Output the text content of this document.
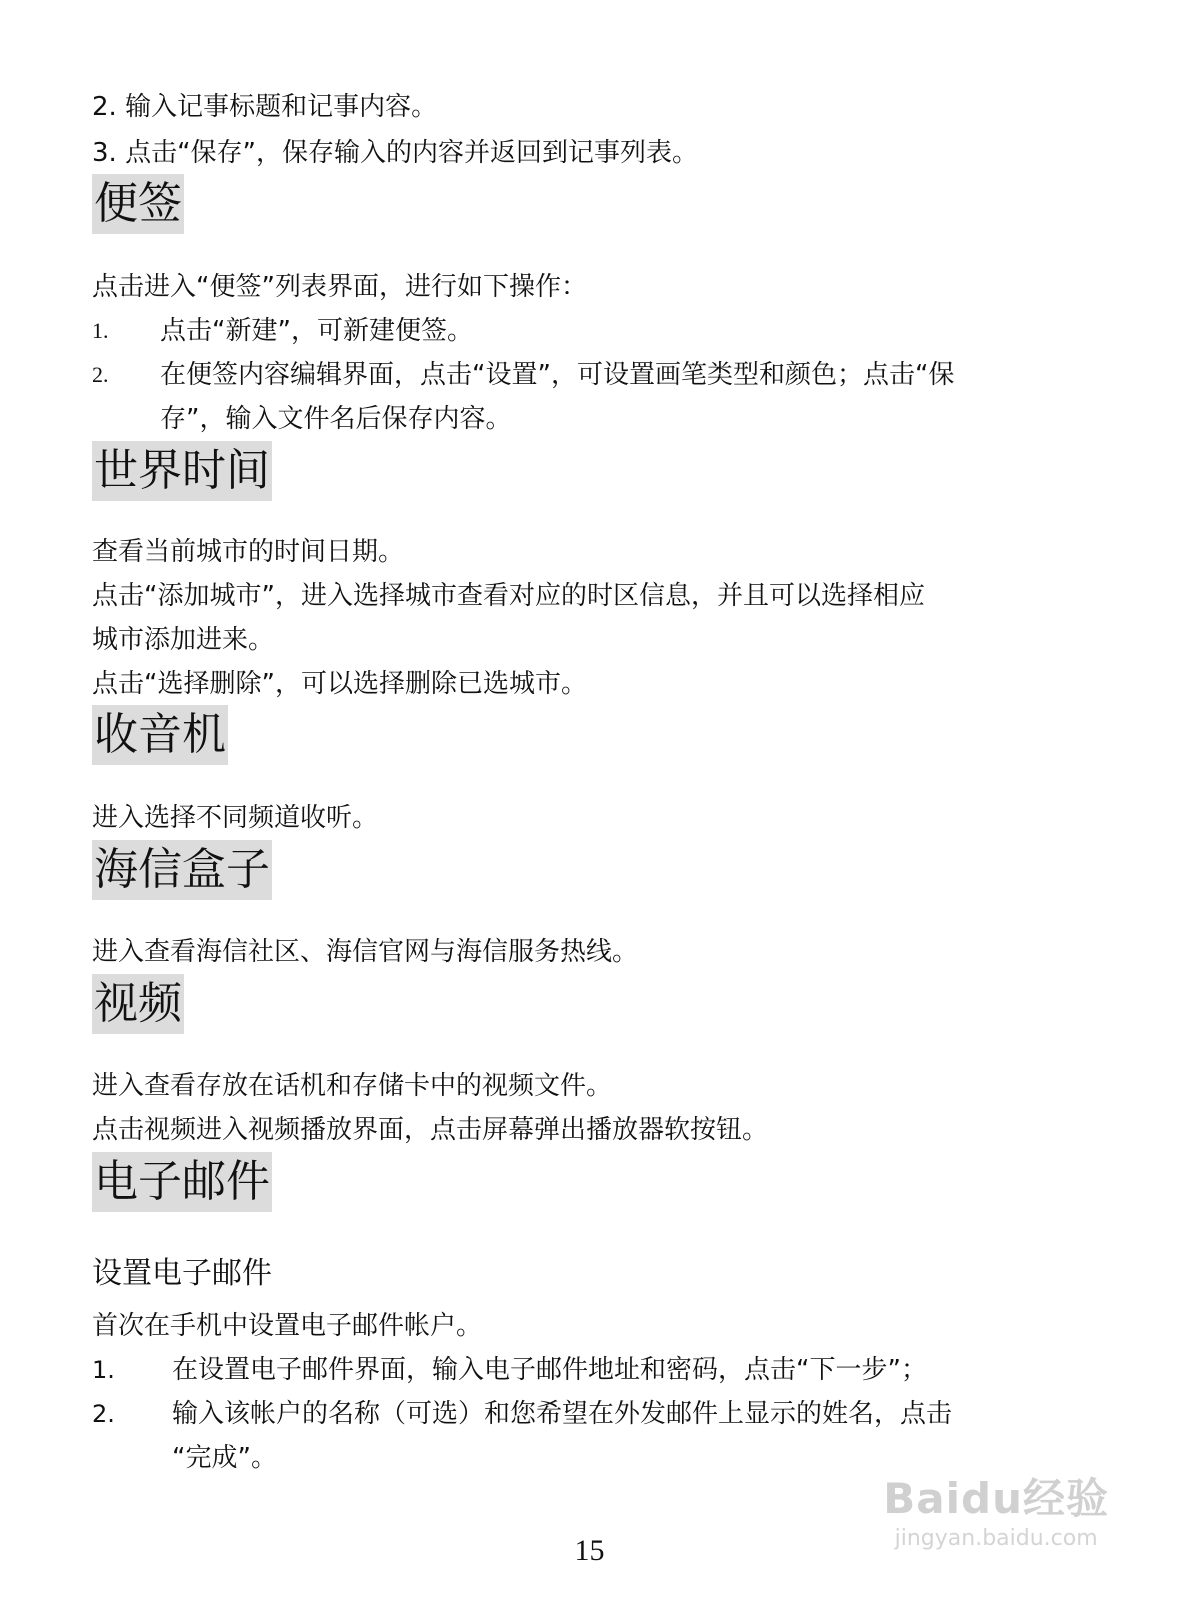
2. 输入记事标题和记事内容。

3. 点击“保存”，保存输入的内容并返回到记事列表。

便签

点击进入“便签”列表界面，进行如下操作：

1. 点击“新建”，可新建便签。
2. 在便签内容编辑界面，点击“设置”，可设置画笔类型和颜色；点击“保
存”，输入文件名后保存内容。
世界时间

查看当前城市的时间日期。

点击“添加城市”，进入选择城市查看对应的时区信息，并且可以选择相应

城市添加进来。

点击“选择删除”，可以选择删除已选城市。

收音机

进入选择不同频道收听。

海信盒子

进入查看海信社区、海信官网与海信服务热线。

视频

进入查看存放在话机和存储卡中的视频文件。

点击视频进入视频播放界面，点击屏幕弹出播放器软按钮。

电子邮件
设置电子邮件

首次在手机中设置电子邮件帐户。

1. 在设置电子邮件界面，输入电子邮件地址和密码，点击“下一步”；
2. 输入该帐户的名称（可选）和您希望在外发邮件上显示的姓名，点击
“完成”。
15
Baidu经验
jingyan.baidu.com
